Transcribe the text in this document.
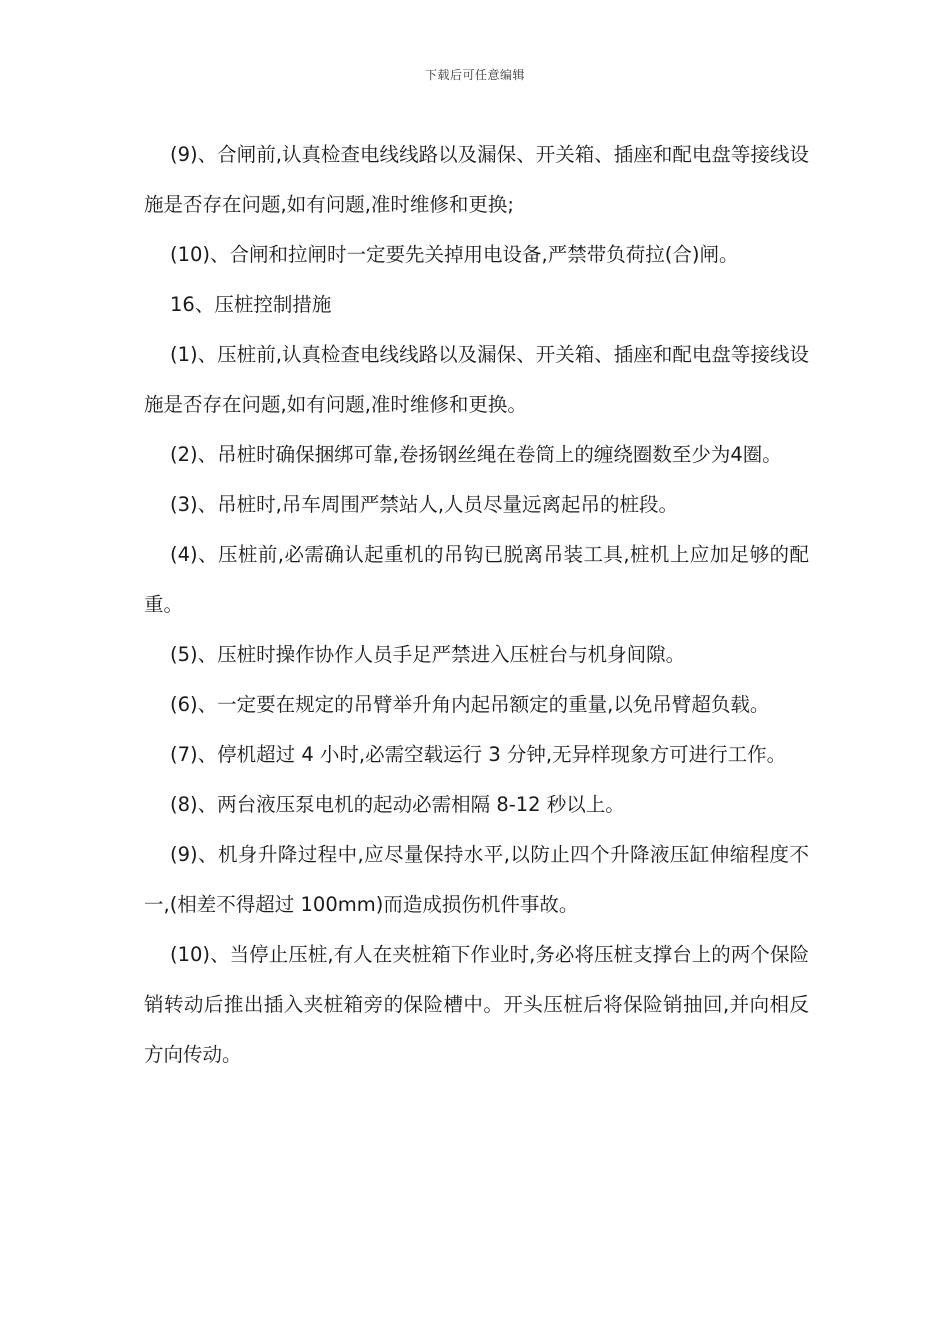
下载后可任意编辑

(9)、合闸前,认真检查电线线路以及漏保、开关箱、插座和配电盘等接线设施是否存在问题,如有问题,准时维修和更换;

(10)、合闸和拉闸时一定要先关掉用电设备,严禁带负荷拉(合)闸。

16、压桩控制措施

(1)、压桩前,认真检查电线线路以及漏保、开关箱、插座和配电盘等接线设施是否存在问题,如有问题,准时维修和更换。

(2)、吊桩时确保捆绑可靠,卷扬钢丝绳在卷筒上的缠绕圈数至少为4圈。

(3)、吊桩时,吊车周围严禁站人,人员尽量远离起吊的桩段。

(4)、压桩前,必需确认起重机的吊钩已脱离吊装工具,桩机上应加足够的配重。

(5)、压桩时操作协作人员手足严禁进入压桩台与机身间隙。

(6)、一定要在规定的吊臂举升角内起吊额定的重量,以免吊臂超负载。

(7)、停机超过 4 小时,必需空载运行 3 分钟,无异样现象方可进行工作。

(8)、两台液压泵电机的起动必需相隔 8-12 秒以上。

(9)、机身升降过程中,应尽量保持水平,以防止四个升降液压缸伸缩程度不一,(相差不得超过 100mm)而造成损伤机件事故。

(10)、当停止压桩,有人在夹桩箱下作业时,务必将压桩支撑台上的两个保险销转动后推出插入夹桩箱旁的保险槽中。开头压桩后将保险销抽回,并向相反方向传动。
